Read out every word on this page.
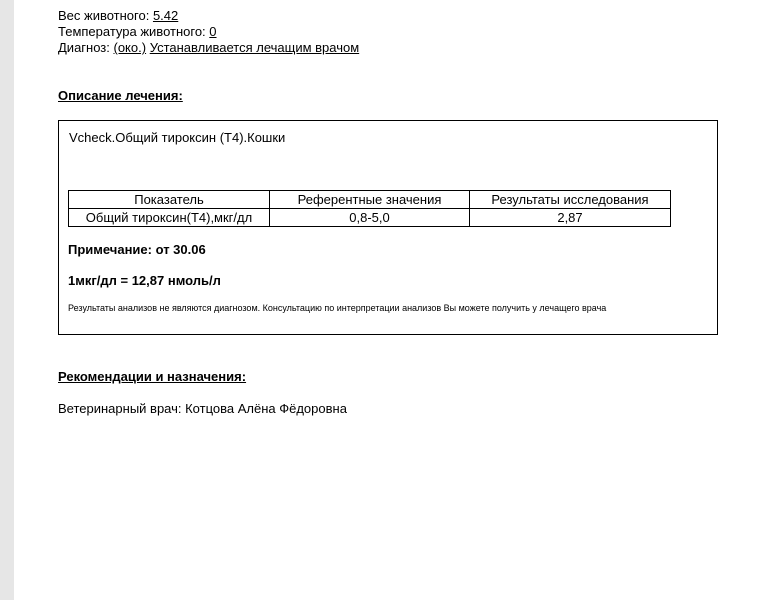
Вес животного: 5.42
Температура животного: 0
Диагноз: (око.) Устанавливается лечащим врачом
Описание лечения:
Vcheck.Общий тироксин (Т4).Кошки
Показатель	Референтные значения	Результаты исследования
Общий тироксин(Т4),мкг/дл	0,8-5,0	2,87
Примечание: от 30.06
1мкг/дл = 12,87 нмоль/л
Результаты анализов не являются диагнозом. Консультацию по интерпретации анализов Вы можете получить у лечащего врача
Рекомендации и назначения:
Ветеринарный врач: Котцова Алёна Фёдоровна
